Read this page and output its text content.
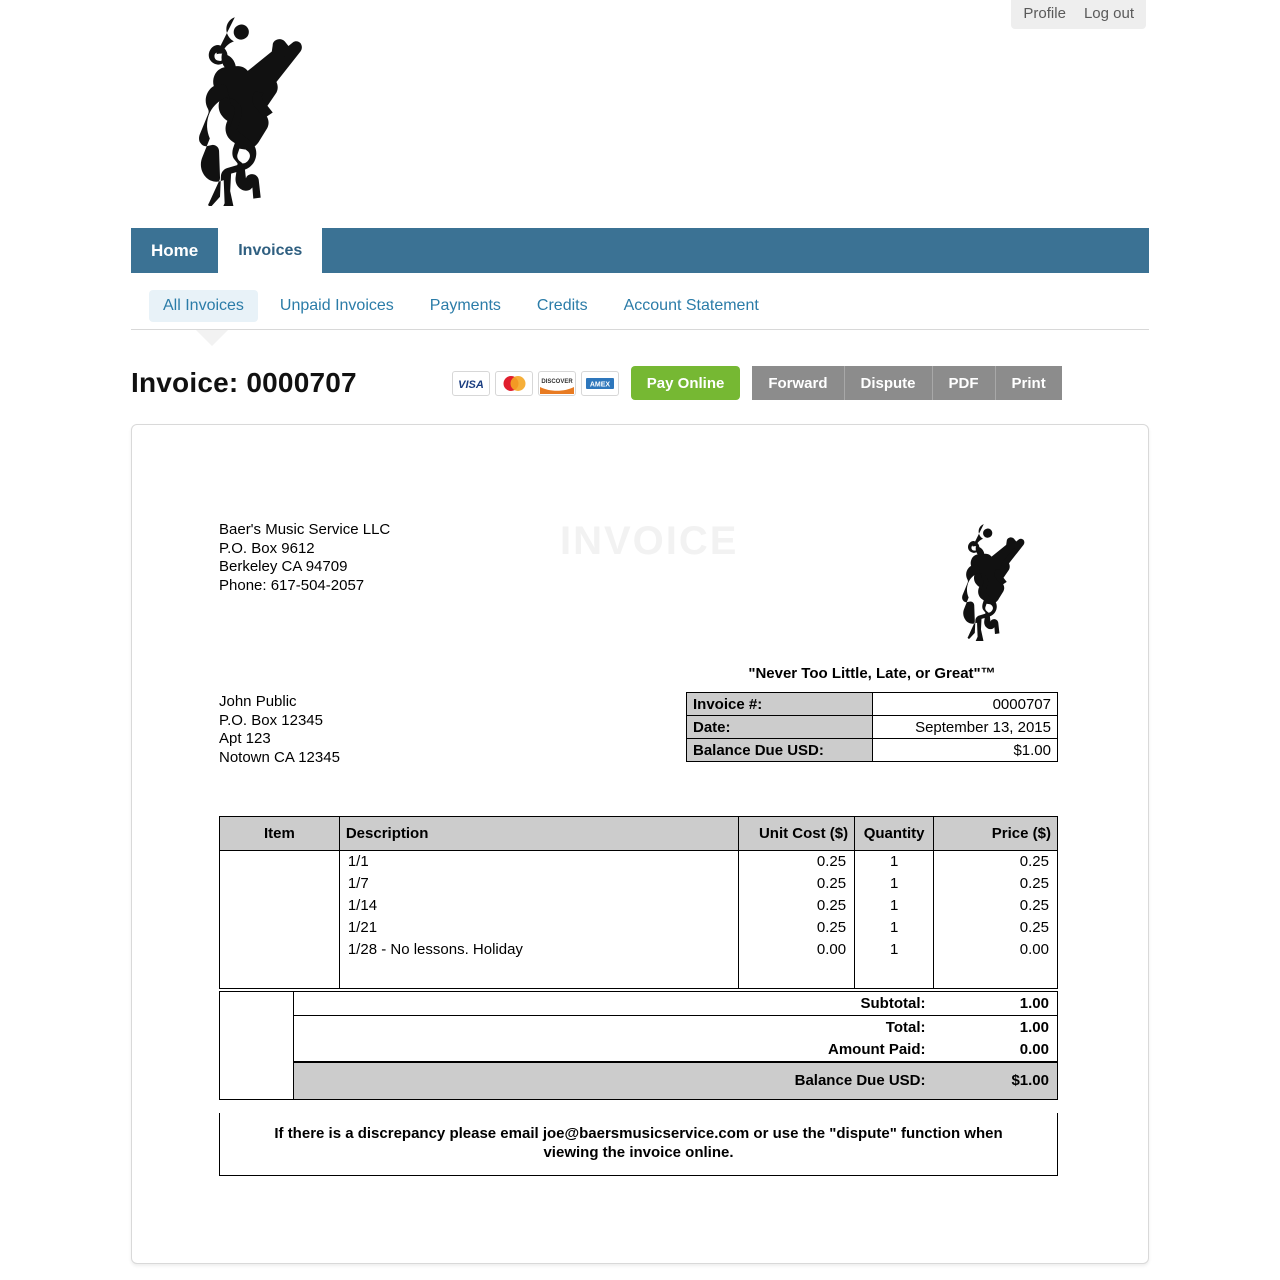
Profile Log out
Home	Invoices
All Invoices	Unpaid Invoices	Payments	Credits	Account Statement
Invoice: 0000707	VISA	DISCOVER AMEX	Pay Online	Forward	Dispute	PDF	Print
INVOICE
Baer's Music Service LLC
P.O. Box 9612
Berkeley CA 94709
Phone: 617-504-2057
"Never Too Little, Late, or Great"™
Invoice #:	0000707
Date:	September 13, 2015
Balance Due USD:	$1.00
John Public
P.O. Box 12345
Apt 123
Notown CA 12345
Item	Description	Unit Cost ($)	Quantity	Price ($)
	1/1	0.25	1	0.25
	1/7	0.25	1	0.25
	1/14	0.25	1	0.25
	1/21	0.25	1	0.25
	1/28 - No lessons. Holiday	0.00	1	0.00

	Subtotal:	1.00
	Total:	1.00
	Amount Paid:	0.00
	Balance Due USD:	$1.00
If there is a discrepancy please email joe@baersmusicservice.com or use the "dispute" function when viewing the invoice online.
